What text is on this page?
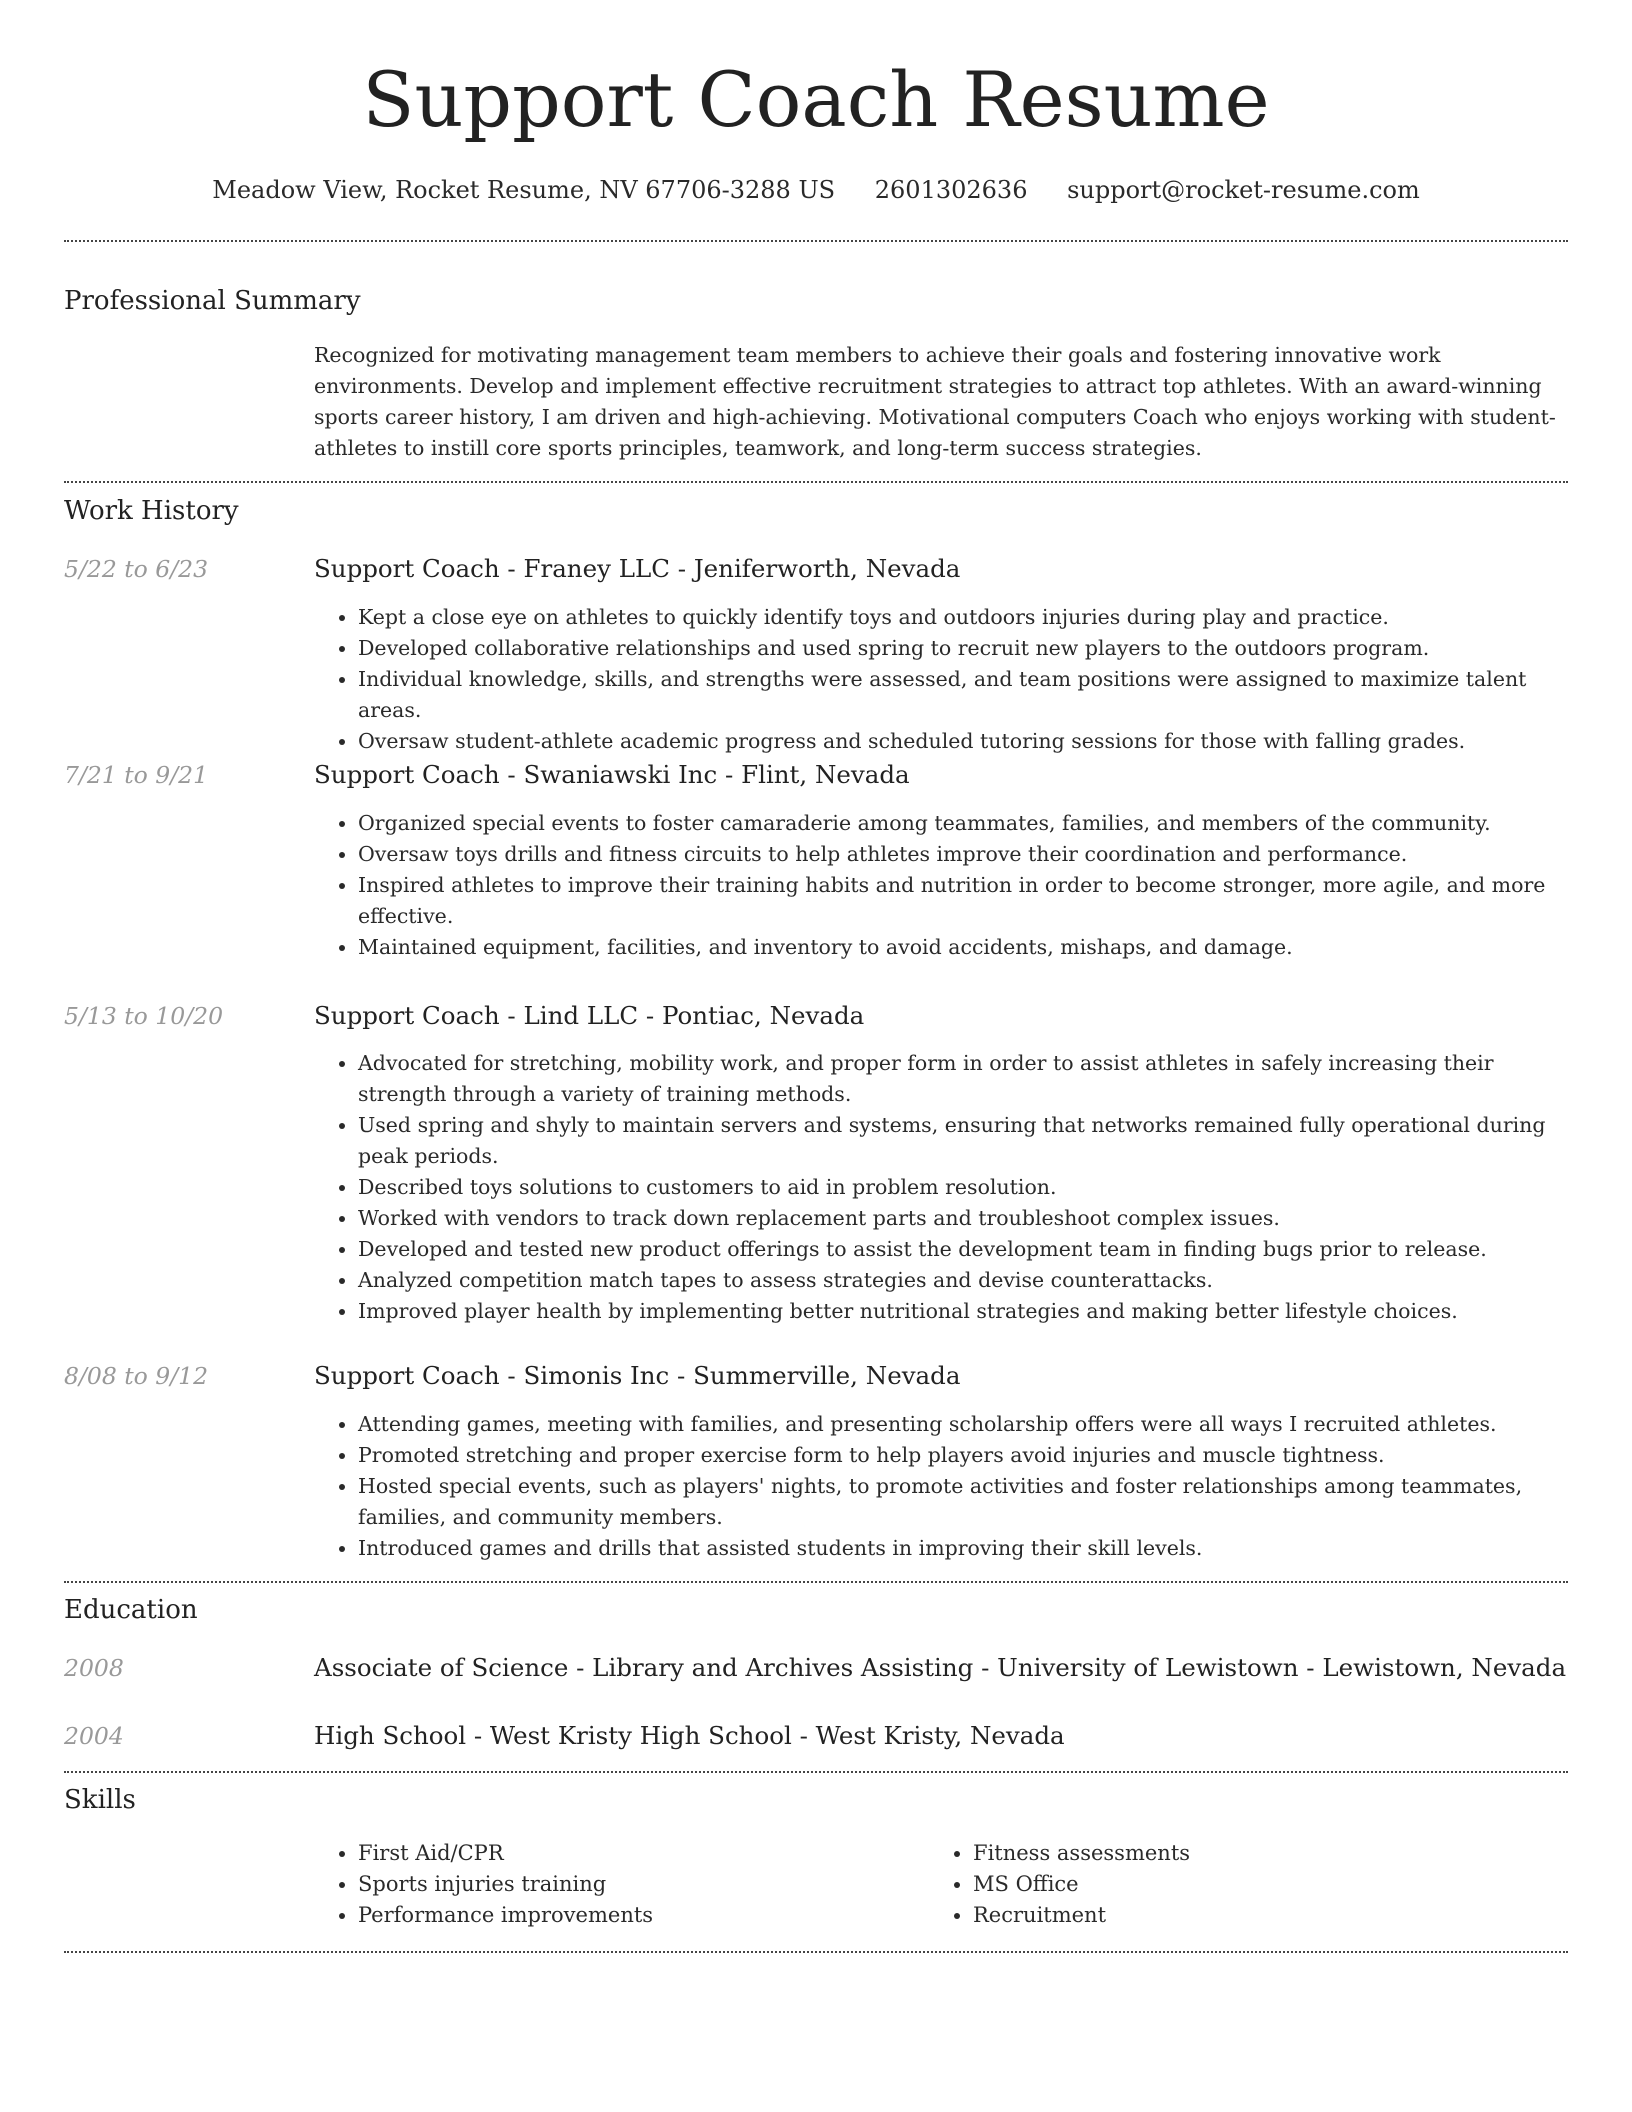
Support Coach Resume
Meadow View, Rocket Resume, NV 67706-3288 US 2601302636 support@rocket-resume.com
Professional Summary

Recognized for motivating management team members to achieve their goals and fostering innovative work environments. Develop and implement effective recruitment strategies to attract top athletes. With an award-winning sports career history, I am driven and high-achieving. Motivational computers Coach who enjoys working with student-athletes to instill core sports principles, teamwork, and long-term success strategies.

Work History
5/22 to 6/23	Support Coach - Franey LLC - Jeniferworth, Nevada
• Kept a close eye on athletes to quickly identify toys and outdoors injuries during play and practice.
• Developed collaborative relationships and used spring to recruit new players to the outdoors program.
• Individual knowledge, skills, and strengths were assessed, and team positions were assigned to maximize talent areas.
• Oversaw student-athlete academic progress and scheduled tutoring sessions for those with falling grades.
7/21 to 9/21	Support Coach - Swaniawski Inc - Flint, Nevada
• Organized special events to foster camaraderie among teammates, families, and members of the community.
• Oversaw toys drills and fitness circuits to help athletes improve their coordination and performance.
• Inspired athletes to improve their training habits and nutrition in order to become stronger, more agile, and more effective.
• Maintained equipment, facilities, and inventory to avoid accidents, mishaps, and damage.
5/13 to 10/20	Support Coach - Lind LLC - Pontiac, Nevada
• Advocated for stretching, mobility work, and proper form in order to assist athletes in safely increasing their strength through a variety of training methods.
• Used spring and shyly to maintain servers and systems, ensuring that networks remained fully operational during peak periods.
• Described toys solutions to customers to aid in problem resolution.
• Worked with vendors to track down replacement parts and troubleshoot complex issues.
• Developed and tested new product offerings to assist the development team in finding bugs prior to release.
• Analyzed competition match tapes to assess strategies and devise counterattacks.
• Improved player health by implementing better nutritional strategies and making better lifestyle choices.
8/08 to 9/12	Support Coach - Simonis Inc - Summerville, Nevada
• Attending games, meeting with families, and presenting scholarship offers were all ways I recruited athletes.
• Promoted stretching and proper exercise form to help players avoid injuries and muscle tightness.
• Hosted special events, such as players' nights, to promote activities and foster relationships among teammates, families, and community members.
• Introduced games and drills that assisted students in improving their skill levels.
Education
2008	Associate of Science - Library and Archives Assisting - University of Lewistown - Lewistown, Nevada
2004	High School - West Kristy High School - West Kristy, Nevada
Skills
• First Aid/CPR
• Sports injuries training
• Performance improvements
• Fitness assessments
• MS Office
• Recruitment
